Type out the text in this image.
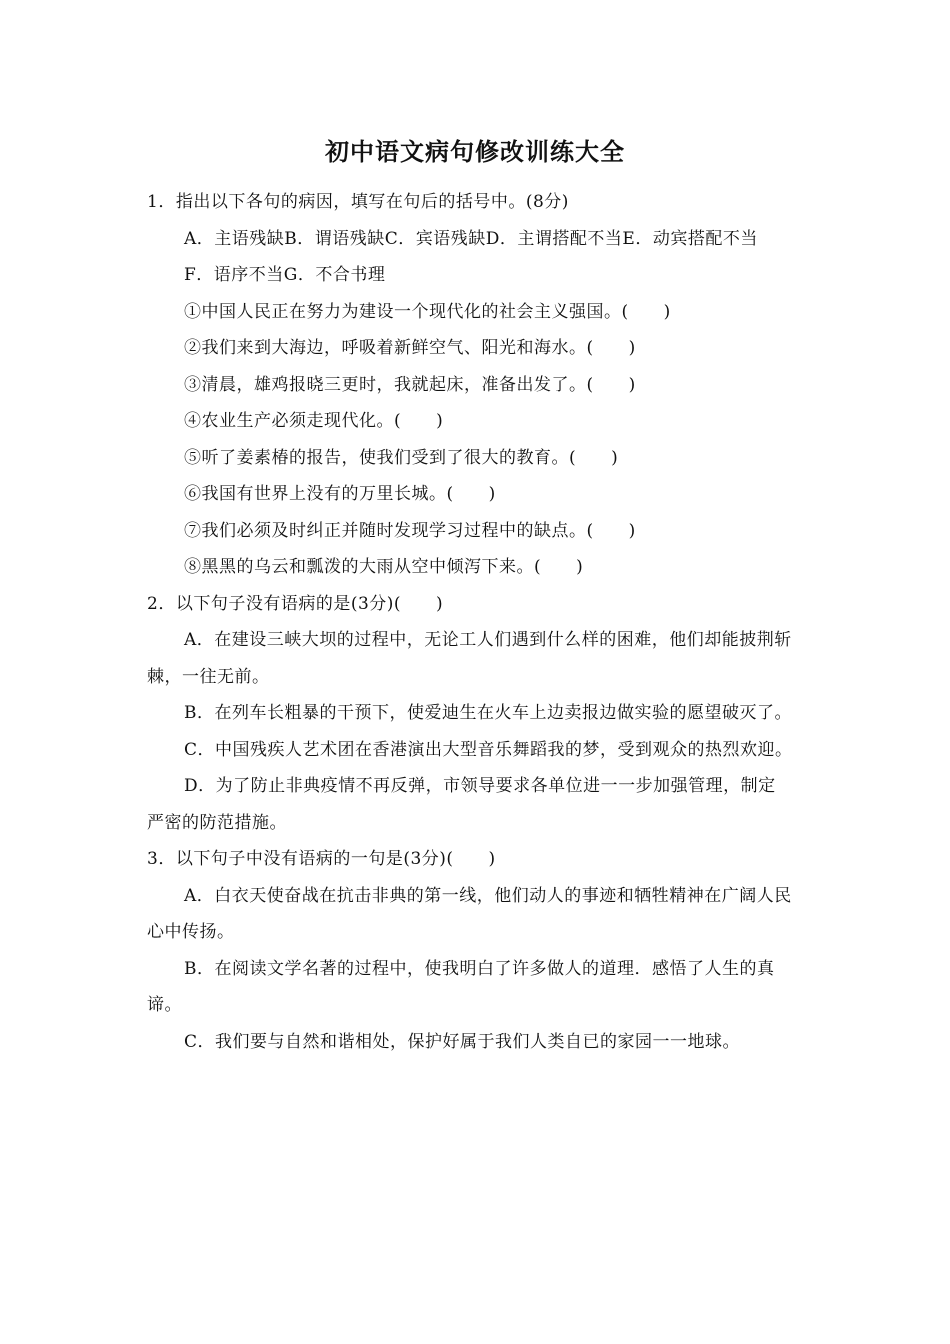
初中语文病句修改训练大全

1．指出以下各句的病因，填写在句后的括号中。(8分)

A．主语残缺B．谓语残缺C．宾语残缺D．主谓搭配不当E．动宾搭配不当

F．语序不当G．不合书理

①中国人民正在努力为建设一个现代化的社会主义强国。(　　)

②我们来到大海边，呼吸着新鲜空气、阳光和海水。(　　)

③清晨，雄鸡报晓三更时，我就起床，准备出发了。(　　)

④农业生产必须走现代化。(　　)

⑤听了姜素椿的报告，使我们受到了很大的教育。(　　)

⑥我国有世界上没有的万里长城。(　　)

⑦我们必须及时纠正并随时发现学习过程中的缺点。(　　)

⑧黑黑的乌云和瓢泼的大雨从空中倾泻下来。(　　)

2．以下句子没有语病的是(3分)(　　)

A．在建设三峡大坝的过程中，无论工人们遇到什么样的困难，他们却能披荆斩棘，一往无前。

B．在列车长粗暴的干预下，使爱迪生在火车上边卖报边做实验的愿望破灭了。

C．中国残疾人艺术团在香港演出大型音乐舞蹈我的梦，受到观众的热烈欢迎。

D．为了防止非典疫情不再反弹，市领导要求各单位进一一步加强管理，制定严密的防范措施。

3．以下句子中没有语病的一句是(3分)(　　)

A．白衣天使奋战在抗击非典的第一线，他们动人的事迹和牺牲精神在广阔人民心中传扬。

B．在阅读文学名著的过程中，使我明白了许多做人的道理．感悟了人生的真谛。

C．我们要与自然和谐相处，保护好属于我们人类自已的家园一一地球。
